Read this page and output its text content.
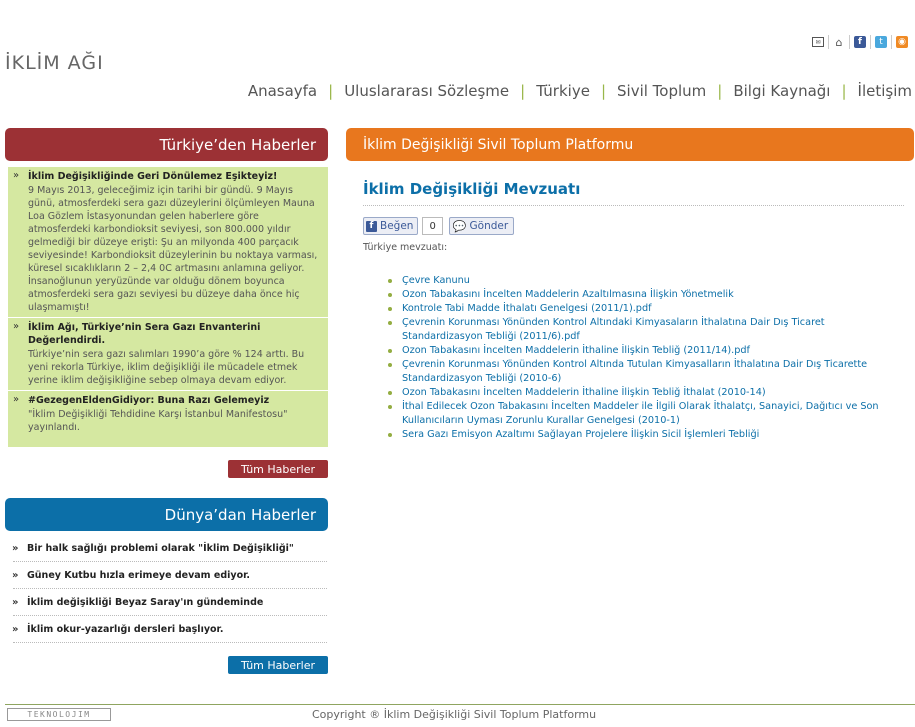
İKLİM AĞI
✉	⌂	f	t	◉
Anasayfa | Uluslararası Sözleşme | Türkiye | Sivil Toplum | Bilgi Kaynağı | İletişim
Türkiye’den Haberler
» İklim Değişikliğinde Geri Dönülemez Eşikteyiz!
9 Mayıs 2013, geleceğimiz için tarihi bir gündü. 9 Mayıs günü, atmosferdeki sera gazı düzeylerini ölçümleyen Mauna Loa Gözlem İstasyonundan gelen haberlere göre atmosferdeki karbondioksit seviyesi, son 800.000 yıldır gelmediği bir düzeye erişti: Şu an milyonda 400 parçacık seviyesinde! Karbondioksit düzeylerinin bu noktaya varması, küresel sıcaklıkların 2 – 2,4 0C artmasını anlamına geliyor. İnsanoğlunun yeryüzünde var olduğu dönem boyunca atmosferdeki sera gazı seviyesi bu düzeye daha önce hiç ulaşmamıştı!
» İklim Ağı, Türkiye’nin Sera Gazı Envanterini Değerlendirdi.
Türkiye’nin sera gazı salımları 1990’a göre % 124 arttı. Bu yeni rekorla Türkiye, iklim değişikliği ile mücadele etmek yerine iklim değişikliğine sebep olmaya devam ediyor.
» #GezegenEldenGidiyor: Buna Razı Gelemeyiz
"İklim Değişikliği Tehdidine Karşı İstanbul Manifestosu" yayınlandı.
Tüm Haberler
Dünya’dan Haberler
» Bir halk sağlığı problemi olarak "İklim Değişikliği"
» Güney Kutbu hızla erimeye devam ediyor.
» İklim değişikliği Beyaz Saray'ın gündeminde
» İklim okur-yazarlığı dersleri başlıyor.
Tüm Haberler
İklim Değişikliği Sivil Toplum Platformu
İklim Değişikliği Mevzuatı
f Beğen	0	💬 Gönder
Türkiye mevzuatı:
Çevre Kanunu
Ozon Tabakasını İncelten Maddelerin Azaltılmasına İlişkin Yönetmelik
Kontrole Tabi Madde İthalatı Genelgesi (2011/1).pdf
Çevrenin Korunması Yönünden Kontrol Altındaki Kimyasaların İthalatına Dair Dış Ticaret Standardizasyon Tebliği (2011/6).pdf
Ozon Tabakasını İncelten Maddelerin İthaline İlişkin Tebliğ (2011/14).pdf
Çevrenin Korunması Yönünden Kontrol Altında Tutulan Kimyasalların İthalatına Dair Dış Ticarette Standardizasyon Tebliği (2010-6)
Ozon Tabakasını İncelten Maddelerin İthaline İlişkin Tebliğ İthalat (2010-14)
İthal Edilecek Ozon Tabakasını İncelten Maddeler ile İlgili Olarak İthalatçı, Sanayici, Dağıtıcı ve Son Kullanıcıların Uyması Zorunlu Kurallar Genelgesi (2010-1)
Sera Gazı Emisyon Azaltımı Sağlayan Projelere İlişkin Sicil İşlemleri Tebliği
TEKNOLOJIM	Copyright ® İklim Değişikliği Sivil Toplum Platformu
